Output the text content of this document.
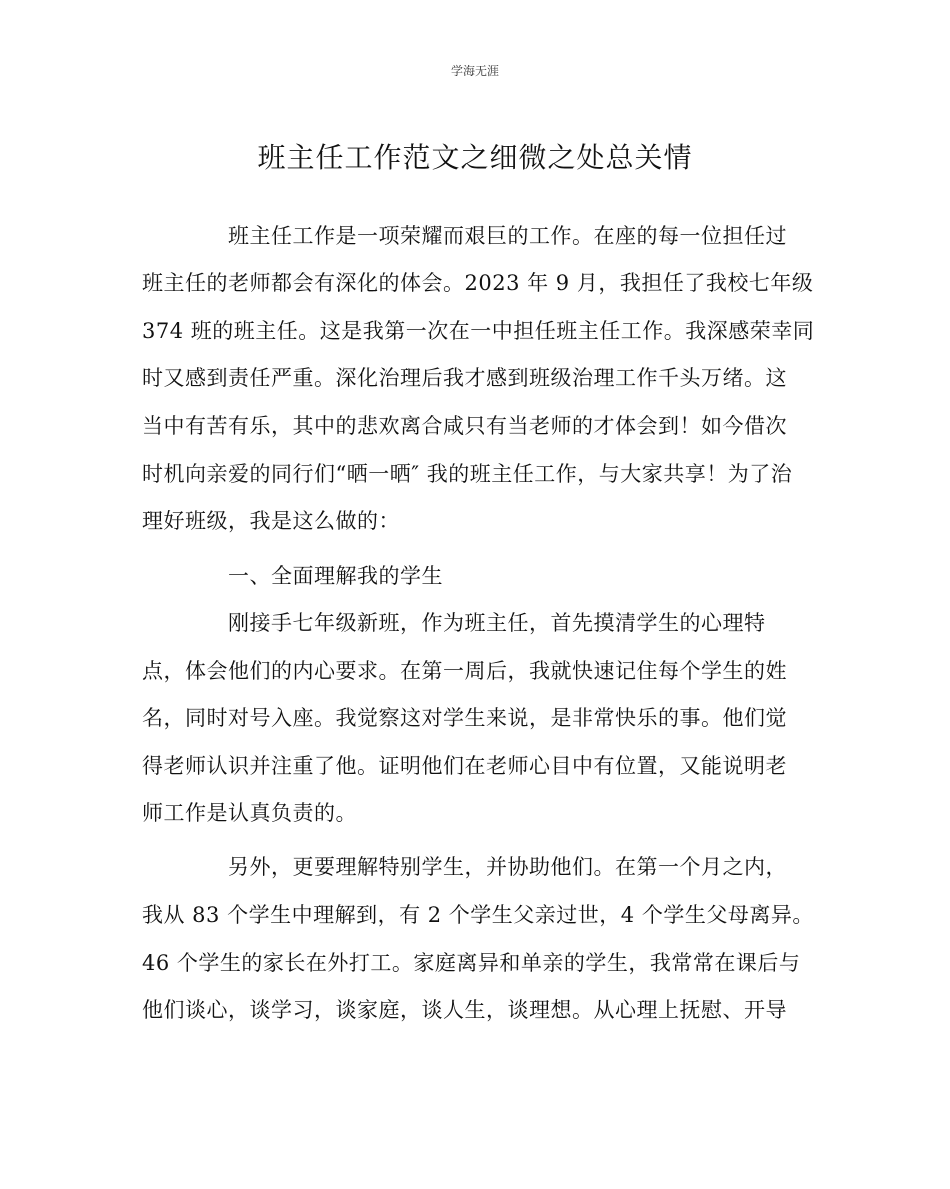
学海无涯
班主任工作范文之细微之处总关情
班主任工作是一项荣耀而艰巨的工作。在座的每一位担任过
班主任的老师都会有深化的体会。2023 年 9 月，我担任了我校七年级
374 班的班主任。这是我第一次在一中担任班主任工作。我深感荣幸同
时又感到责任严重。深化治理后我才感到班级治理工作千头万绪。这
当中有苦有乐，其中的悲欢离合咸只有当老师的才体会到！如今借次
时机向亲爱的同行们“晒一晒″ 我的班主任工作，与大家共享！为了治
理好班级，我是这么做的：
一、全面理解我的学生
刚接手七年级新班，作为班主任，首先摸清学生的心理特
点，体会他们的内心要求。在第一周后，我就快速记住每个学生的姓
名，同时对号入座。我觉察这对学生来说，是非常快乐的事。他们觉
得老师认识并注重了他。证明他们在老师心目中有位置，又能说明老
师工作是认真负责的。
另外，更要理解特别学生，并协助他们。在第一个月之内，
我从 83 个学生中理解到，有 2 个学生父亲过世，4 个学生父母离异。
46 个学生的家长在外打工。家庭离异和单亲的学生，我常常在课后与
他们谈心，谈学习，谈家庭，谈人生，谈理想。从心理上抚慰、开导
